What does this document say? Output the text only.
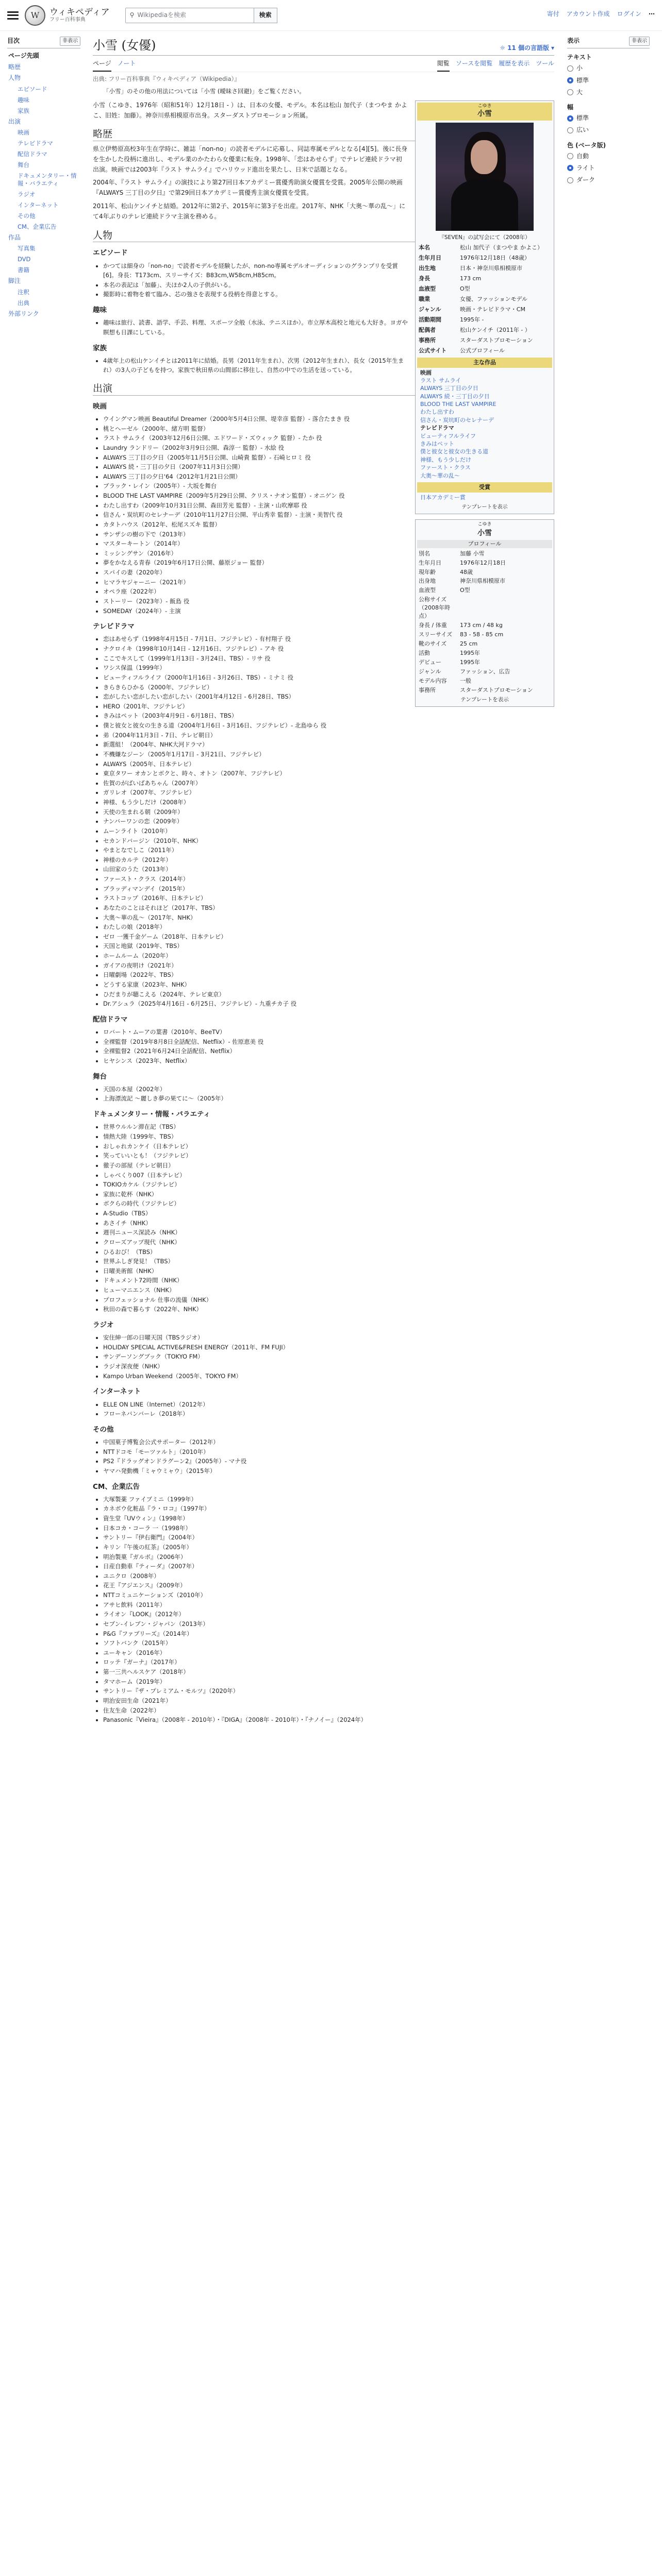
W	ウィキペディア
フリー百科事典
⚲ Wikipediaを検索	検索	寄付 アカウント作成 ログイン ⋯
目次	非表示
ページ先頭
略歴
人物
エピソード
趣味
家族
出演
映画
テレビドラマ
配信ドラマ
舞台
ドキュメンタリー・情報・バラエティ
ラジオ
インターネット
その他
CM、企業広告
作品
写真集
DVD
書籍
脚注
注釈
出典
外部リンク
表示	非表示
テキスト
小
標準
大
幅
標準
広い
色 (ベータ版)
自動
ライト
ダーク
小雪 (女優)	☼ 11 個の言語版 ▾
ページ ノート	閲覧 ソースを閲覧 履歴を表示 ツール
出典: フリー百科事典『ウィキペディア（Wikipedia）』
「小雪」のその他の用法については「小雪 (曖昧さ回避)」をご覧ください。
こゆき
小雪
『SEVEN』の試写会にて（2008年）
本名	松山 加代子（まつやま かよこ）
生年月日	1976年12月18日（48歳）
出生地	日本・神奈川県相模原市
身長	173 cm
血液型	O型
職業	女優、ファッションモデル
ジャンル	映画・テレビドラマ・CM
活動期間	1995年 -
配偶者	松山ケンイチ（2011年 - ）
事務所	スターダストプロモーション
公式サイト	公式プロフィール
主な作品
映画
ラスト サムライ
ALWAYS 三丁目の夕日
ALWAYS 続・三丁目の夕日
BLOOD THE LAST VAMPIRE
わたし出すわ
信さん・炭坑町のセレナーデ
テレビドラマ
ビューティフルライフ
きみはペット
僕と彼女と彼女の生きる道
神様、もう少しだけ
ファースト・クラス
大奥〜華の乱〜
受賞
日本アカデミー賞
テンプレートを表示

小雪（こゆき、1976年（昭和51年）12月18日 - ）は、日本の女優、モデル。本名は松山 加代子（まつやま かよこ、旧姓：加藤）。神奈川県相模原市出身。スターダストプロモーション所属。

略歴

県立伊勢原高校3年生在学時に、雑誌「non-no」の読者モデルに応募し、同誌専属モデルとなる[4][5]。後に長身を生かした役柄に進出し、モデル業のかたわら女優業に転身。1998年、「恋はあせらず」でテレビ連続ドラマ初出演。映画では2003年『ラスト サムライ』でハリウッド進出を果たし、日米で話題となる。

2004年、『ラスト サムライ』の演技により第27回日本アカデミー賞優秀助演女優賞を受賞。2005年公開の映画『ALWAYS 三丁目の夕日』で第29回日本アカデミー賞優秀主演女優賞を受賞。

2011年、松山ケンイチと結婚。2012年に第2子、2015年に第3子を出産。2017年、NHK「大奥〜華の乱〜」にて4年ぶりのテレビ連続ドラマ主演を務める。

人物
エピソード
• かつては細身の「non-no」で読者モデルを経験したが、non-no専属モデルオーディションのグランプリを受賞[6]。身長：T173cm、スリーサイズ：B83cm,W58cm,H85cm。
• 本名の表記は「加藤」、夫ほか2人の子供がいる。
• 撮影時に着物を着て臨み、芯の強さを表現する役柄を得意とする。
こゆき
小雪
プロフィール
別名	加藤 小雪
生年月日	1976年12月18日
現年齢	48歳
出身地	神奈川県相模原市
血液型	O型
公称サイズ（2008年時点）	
身長 / 体重	173 cm / 48 kg
スリーサイズ	83 - 58 - 85 cm
靴のサイズ	25 cm
活動	1995年
デビュー	1995年
ジャンル	ファッション、広告
モデル内容	一般
事務所	スターダストプロモーション
テンプレートを表示
趣味
• 趣味は旅行、読書、語学、手芸、料理、スポーツ全般（水泳、テニスほか）。市立厚木高校と地元も大好き。ヨガや瞑想も日課にしている。
家族
• 4歳年上の松山ケンイチとは2011年に結婚。長男（2011年生まれ）、次男（2012年生まれ）、長女（2015年生まれ）の3人の子どもを持つ。家族で秋田県の山間部に移住し、自然の中での生活を送っている。
出演
映画
• ウイングマン映画 Beautiful Dreamer（2000年5月4日公開、堤幸彦 監督）- 落合たまき 役
• 桃とヘーゼル（2000年、緒方明 監督）
• ラスト サムライ（2003年12月6日公開、エドワード・ズウィック 監督）- たか 役
• Laundry ランドリー（2002年3月9日公開、森淳一 監督）- 水絵 役
• ALWAYS 三丁目の夕日（2005年11月5日公開、山崎貴 監督）- 石崎ヒロミ 役
• ALWAYS 続・三丁目の夕日（2007年11月3日公開）
• ALWAYS 三丁目の夕日'64（2012年1月21日公開）
• ブラック・レイン（2005年）- 大坂を舞台
• BLOOD THE LAST VAMPIRE（2009年5月29日公開、クリス・ナオン監督）- オニゲン 役
• わたし出すわ（2009年10月31日公開、森田芳光 監督）- 主演・山吹摩耶 役
• 信さん・炭坑町のセレナーデ（2010年11月27日公開、平山秀幸 監督）- 主演・美智代 役
• カタトハウス（2012年、松尾スズキ 監督）
• サンザシの樹の下で（2013年）
• マスターキートン（2014年）
• ミッシングサン（2016年）
• 夢をかなえる青春（2019年6月17日公開、藤原ジョー 監督）
• スパイの妻（2020年）
• ヒマラヤジャーニー（2021年）
• オペラ座（2022年）
• ストーリー（2023年）- 飯島 役
• SOMEDAY（2024年）- 主演
テレビドラマ
• 恋はあせらず（1998年4月15日 - 7月1日、フジテレビ）- 有村翔子 役
• ナクロイキ（1998年10月14日 - 12月16日、フジテレビ）- アキ 役
• ここでキスして（1999年1月13日 - 3月24日、TBS）- リサ 役
• ワシス保温（1999年）
• ビューティフルライフ（2000年1月16日 - 3月26日、TBS）- ミナミ 役
• きらきらひかる（2000年、フジテレビ）
• 恋がしたい恋がしたい恋がしたい（2001年4月12日 - 6月28日、TBS）
• HERO（2001年、フジテレビ）
• きみはペット（2003年4月9日 - 6月18日、TBS）
• 僕と彼女と彼女の生きる道（2004年1月6日 - 3月16日、フジテレビ）- 北島ゆら 役
• 弟（2004年11月3日 - 7日、テレビ朝日）
• 新選組！（2004年、NHK大河ドラマ）
• 不機嫌なジーン（2005年1月17日 - 3月21日、フジテレビ）
• ALWAYS（2005年、日本テレビ）
• 東京タワー オカンとボクと、時々、オトン（2007年、フジテレビ）
• 佐賀のがばいばあちゃん（2007年）
• ガリレオ（2007年、フジテレビ）
• 神様、もう少しだけ（2008年）
• 天使の生まれる朝（2009年）
• ナンバーワンの恋（2009年）
• ムーンライト（2010年）
• セカンドバージン（2010年、NHK）
• やまとなでしこ（2011年）
• 神様のカルテ（2012年）
• 山田家のうた（2013年）
• ファースト・クラス（2014年）
• ブラッディマンデイ（2015年）
• ラストコップ（2016年、日本テレビ）
• あなたのことはそれほど（2017年、TBS）
• 大奥〜華の乱〜（2017年、NHK）
• わたしの娘（2018年）
• ゼロ 一獲千金ゲーム（2018年、日本テレビ）
• 天国と地獄（2019年、TBS）
• ホームルーム（2020年）
• ガイアの夜明け（2021年）
• 日曜劇場（2022年、TBS）
• どうする家康（2023年、NHK）
• ひだまりが聴こえる（2024年、テレビ東京）
• Dr.アシュラ（2025年4月16日 - 6月25日、フジテレビ）- 九重チカ子 役
配信ドラマ
• ロバート・ムーアの葉書（2010年、BeeTV）
• 全裸監督（2019年8月8日全話配信、Netflix）- 佐原恵美 役
• 全裸監督2（2021年6月24日全話配信、Netflix）
• ヒヤシンス（2023年、Netflix）
舞台
• 天国の本屋（2002年）
• 上海漂流記 〜麗しき夢の果てに〜（2005年）
ドキュメンタリー・情報・バラエティ
• 世界ウルルン滞在記（TBS）
• 情熱大陸（1999年、TBS）
• おしゃれカンケイ（日本テレビ）
• 笑っていいとも！（フジテレビ）
• 徹子の部屋（テレビ朝日）
• しゃべくり007（日本テレビ）
• TOKIOカケル（フジテレビ）
• 家族に乾杯（NHK）
• ボクらの時代（フジテレビ）
• A-Studio（TBS）
• あさイチ（NHK）
• 週刊ニュース深読み（NHK）
• クローズアップ現代（NHK）
• ひるおび！（TBS）
• 世界ふしぎ発見！（TBS）
• 日曜美術館（NHK）
• ドキュメント72時間（NHK）
• ヒューマニエンス（NHK）
• プロフェッショナル 仕事の流儀（NHK）
• 秋田の森で暮らす（2022年、NHK）
ラジオ
• 安住紳一郎の日曜天国（TBSラジオ）
• HOLIDAY SPECIAL ACTIVE&FRESH ENERGY（2011年、FM FUJI）
• サンデーソングブック（TOKYO FM）
• ラジオ深夜便（NHK）
• Kampo Urban Weekend（2005年、TOKYO FM）
インターネット
• ELLE ON LINE（Internet）（2012年）
• フローネバンバーレ（2018年）
その他
• 中国菓子博覧会公式サポーター（2012年）
• NTTドコモ「モーツァルト」（2010年）
• PS2『ドラッグオンドラグーン2』（2005年）- マナ役
• ヤマハ発動機「ミャウミャウ」（2015年）
CM、企業広告
• 大塚製薬 ファイブミニ（1999年）
• カネボウ化粧品『ラ・ロコ』（1997年）
• 資生堂『UVウィン』（1998年）
• 日本コカ・コーラ 一（1998年）
• サントリー『伊右衛門』（2004年）
• キリン『午後の紅茶』（2005年）
• 明治製菓『ガルボ』（2006年）
• 日産自動車『ティーダ』（2007年）
• ユニクロ（2008年）
• 花王『アジエンス』（2009年）
• NTTコミュニケーションズ（2010年）
• アサヒ飲料（2011年）
• ライオン『LOOK』（2012年）
• セブン-イレブン・ジャパン（2013年）
• P&G『ファブリーズ』（2014年）
• ソフトバンク（2015年）
• ユーキャン（2016年）
• ロッテ『ガーナ』（2017年）
• 第一三共ヘルスケア（2018年）
• タマホーム（2019年）
• サントリー『ザ・プレミアム・モルツ』（2020年）
• 明治安田生命（2021年）
• 住友生命（2022年）
• Panasonic『Vieira』（2008年 - 2010年）・『DIGA』（2008年 - 2010年）・『ナノイー』（2024年）
